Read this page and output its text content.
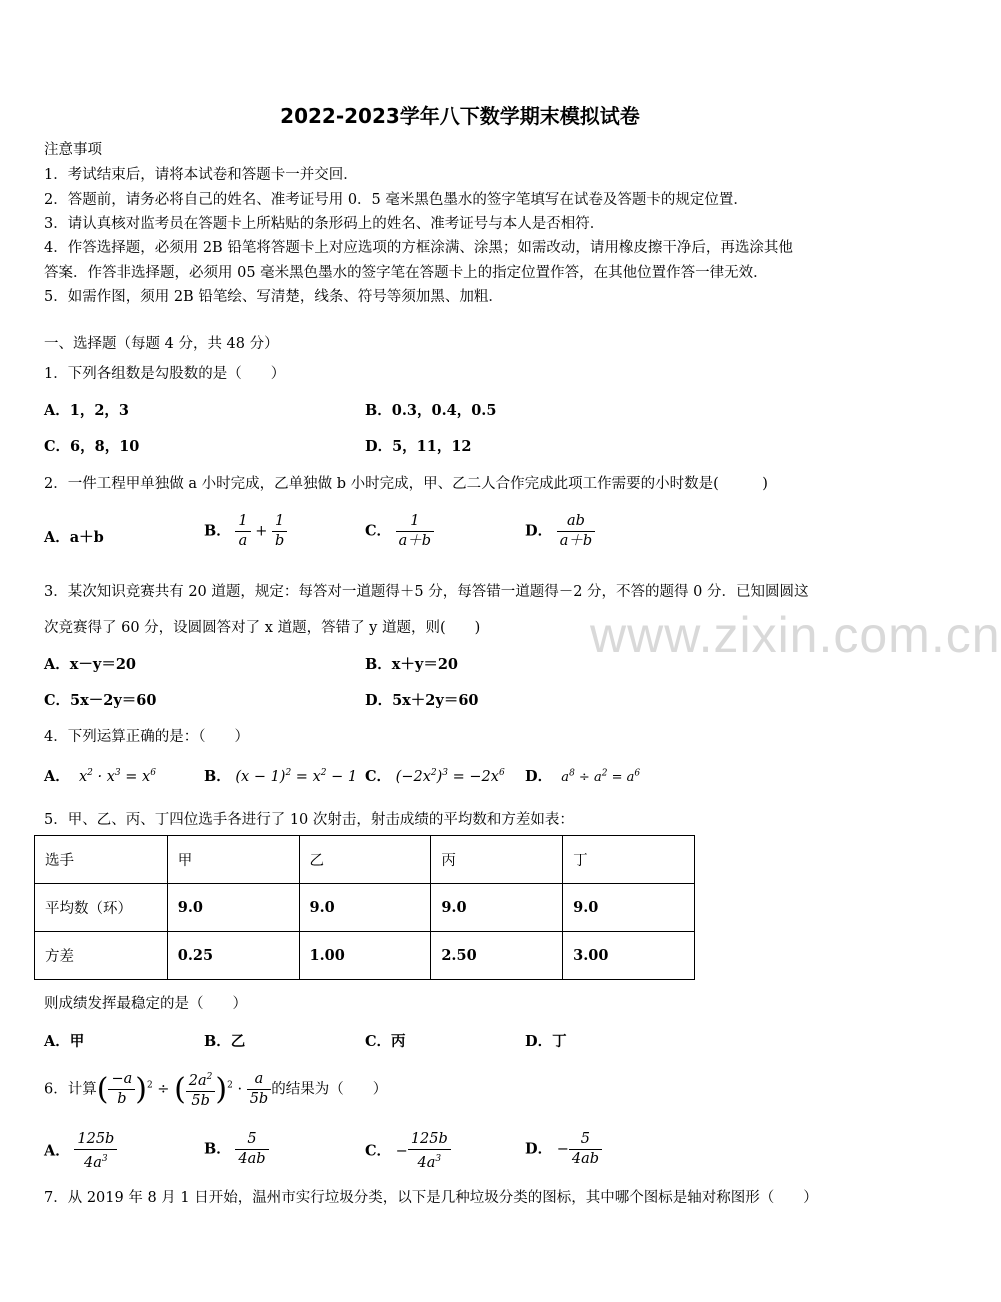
2022-2023学年八下数学期末模拟试卷
注意事项
1．考试结束后，请将本试卷和答题卡一并交回．
2．答题前，请务必将自己的姓名、准考证号用 0．5 毫米黑色墨水的签字笔填写在试卷及答题卡的规定位置．
3．请认真核对监考员在答题卡上所粘贴的条形码上的姓名、准考证号与本人是否相符．
4．作答选择题，必须用 2B 铅笔将答题卡上对应选项的方框涂满、涂黑；如需改动，请用橡皮擦干净后，再选涂其他
答案．作答非选择题，必须用 05 毫米黑色墨水的签字笔在答题卡上的指定位置作答，在其他位置作答一律无效．
5．如需作图，须用 2B 铅笔绘、写清楚，线条、符号等须加黑、加粗．
一、选择题（每题 4 分，共 48 分）
1．下列各组数是勾股数的是（　　）
A．1，2，3	B．0.3，0.4，0.5
C．6，8，10	D．5，11，12
2．一件工程甲单独做 a 小时完成，乙单独做 b 小时完成，甲、乙二人合作完成此项工作需要的小时数是(　　　)
A．a＋b	B． $\frac{1}{a} + \frac{1}{b}$	C． $\frac{1}{a+b}$	D． $\frac{ab}{a+b}$
3．某次知识竞赛共有 20 道题，规定：每答对一道题得＋5 分，每答错一道题得－2 分，不答的题得 0 分．已知圆圆这
次竞赛得了 60 分，设圆圆答对了 x 道题，答错了 y 道题，则(　　)
A．x－y＝20	B．x＋y＝20
C．5x－2y＝60	D．5x＋2y＝60
4．下列运算正确的是：（　　）
A． $x^2 \cdot x^3 = x^6$	B． $(x - 1)^2 = x^2 - 1$ C． $(-2x^2)^3 = -2x^6$ D． $a^8 \div a^2 = a^6$
5．甲、乙、丙、丁四位选手各进行了 10 次射击，射击成绩的平均数和方差如表：
选手	甲	乙	丙	丁
平均数（环）	9.0	9.0	9.0	9.0
方差	0.25	1.00	2.50	3.00
则成绩发挥最稳定的是（　　）
A．甲	B．乙	C．丙	D．丁
6．计算( $\frac{-a}{b} )^2$ ÷ ( $\frac{2a^2}{5b} )^2 \cdot \frac{a}{5b}$ 的结果为（　　）
A． $\frac{125b}{4a^3}$	B． $\frac{5}{4ab}$	C． − $\frac{125b}{4a^3}$	D． − $\frac{5}{4ab}$
7．从 2019 年 8 月 1 日开始，温州市实行垃圾分类，以下是几种垃圾分类的图标，其中哪个图标是轴对称图形（　　）
www.zixin.com.cn
